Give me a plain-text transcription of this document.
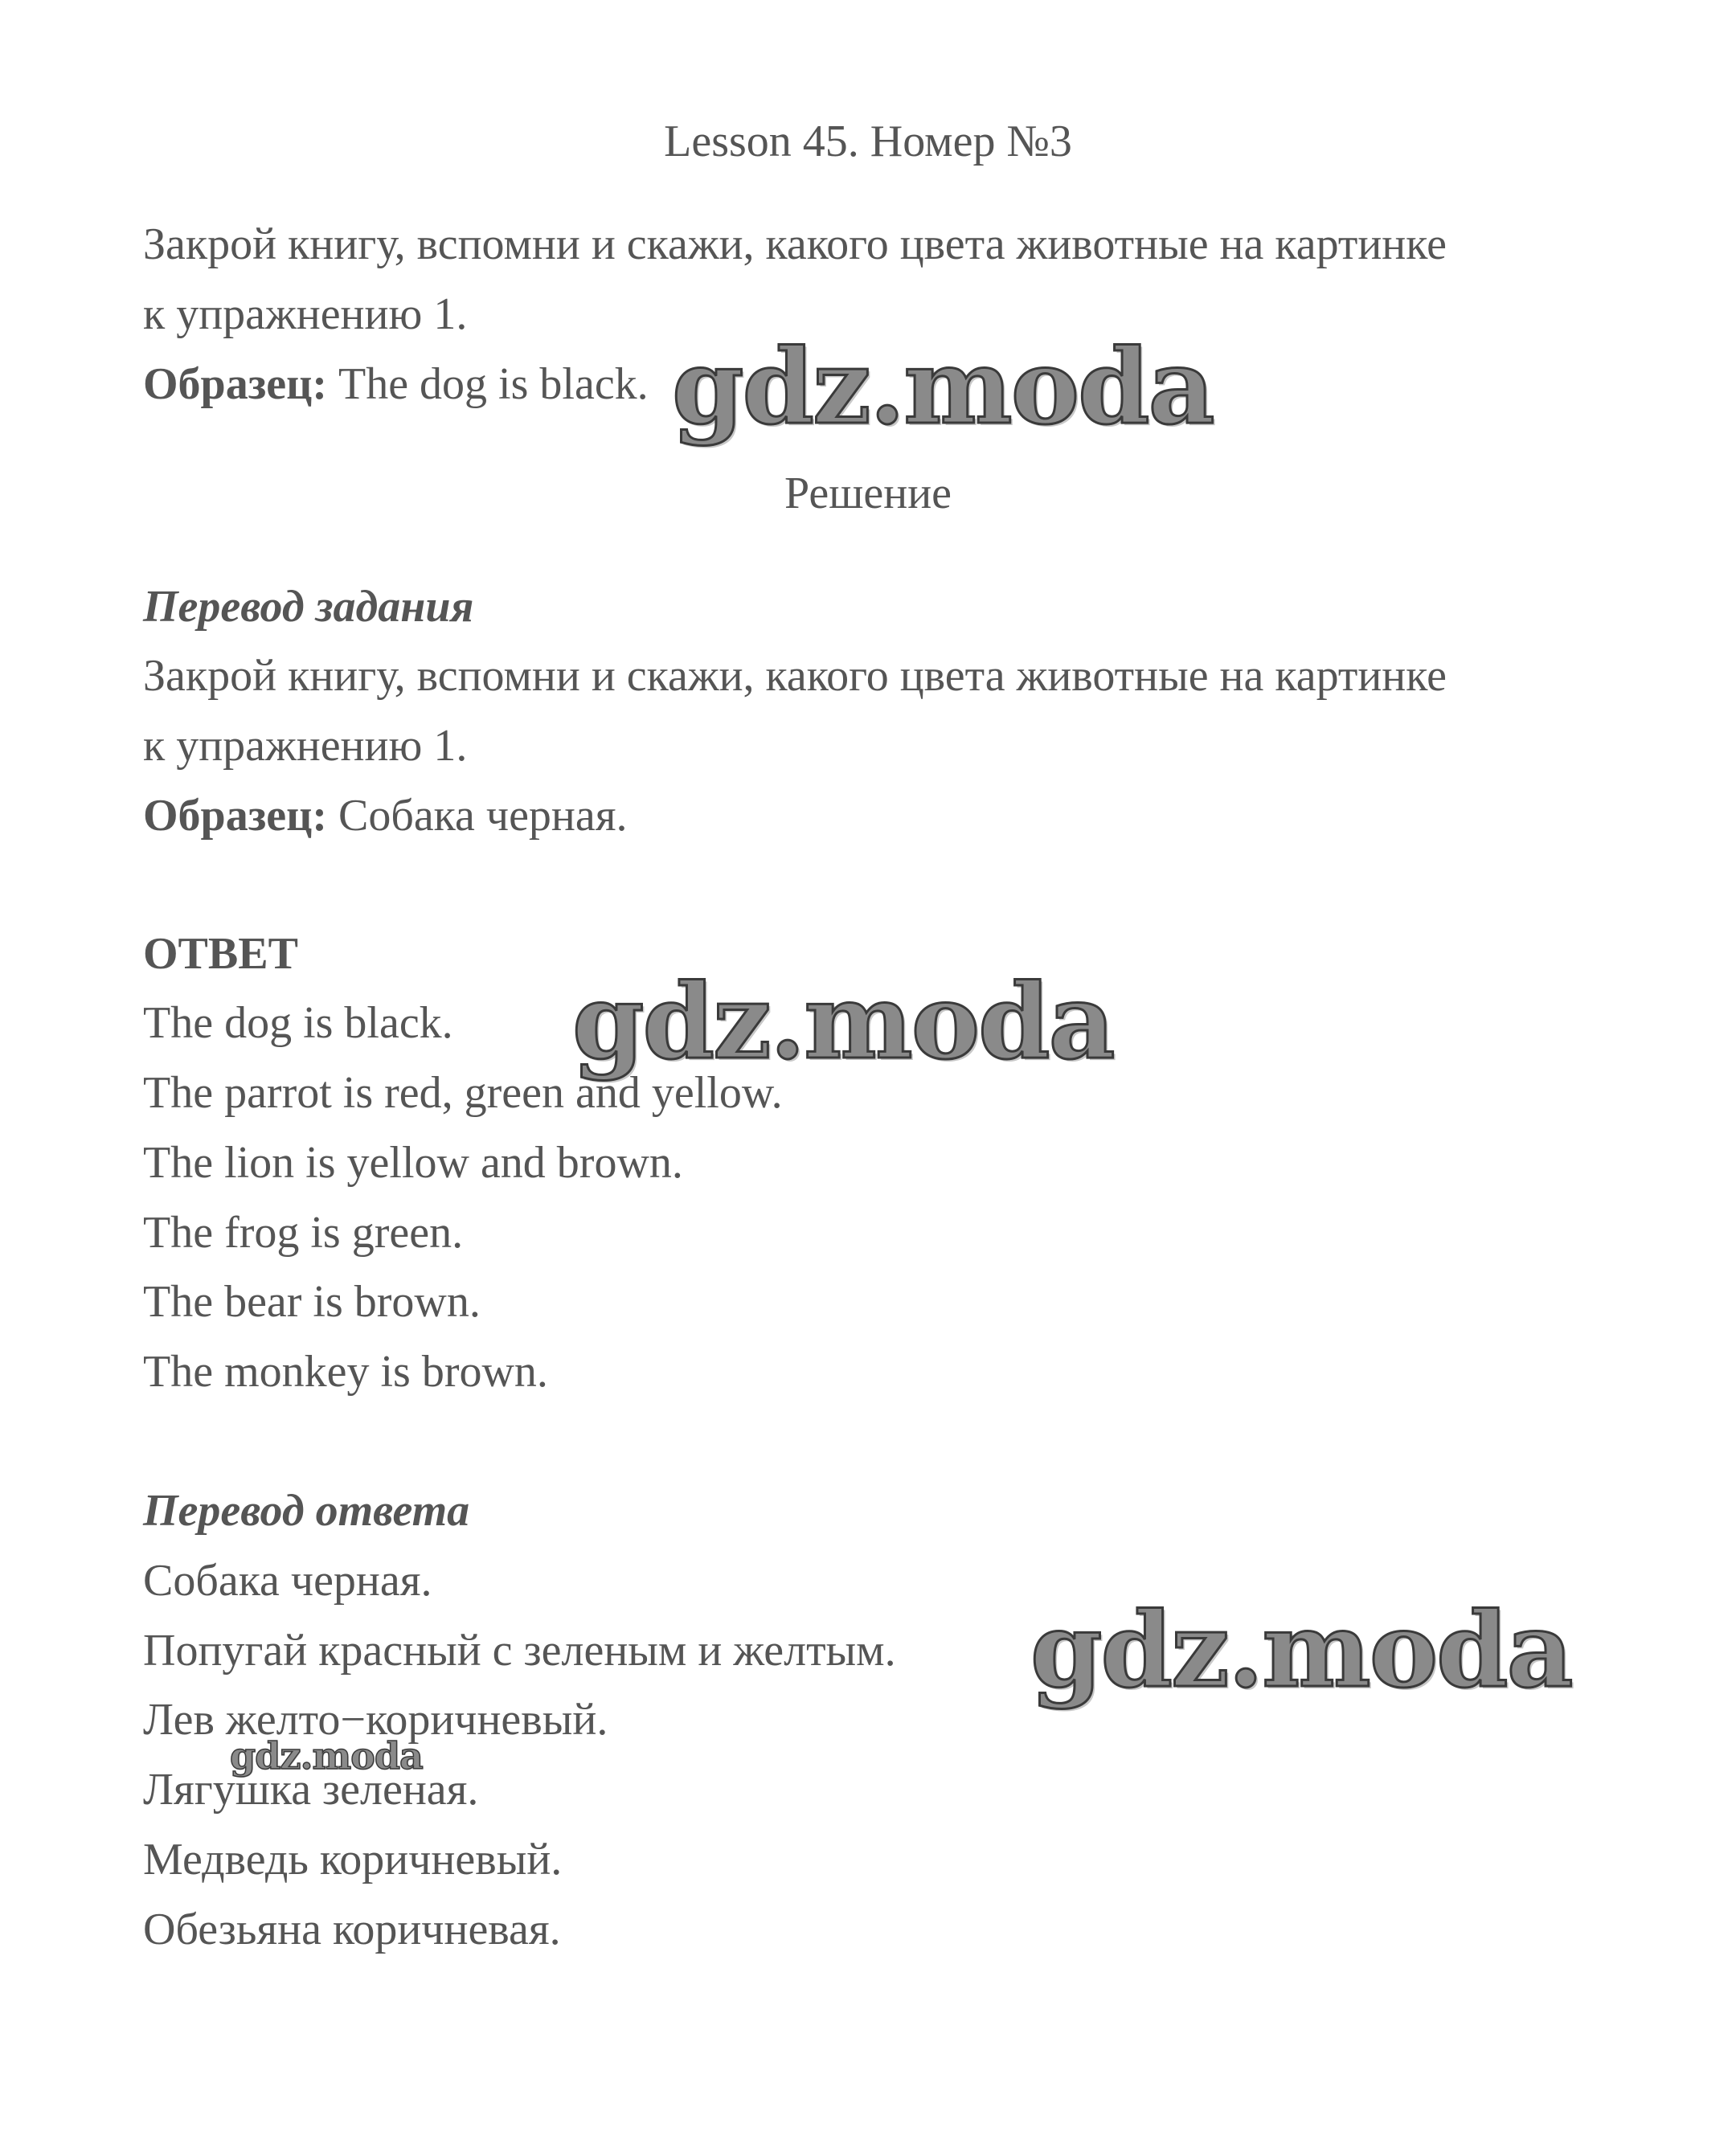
Lesson 45. Номер №3
Закрой книгу, вспомни и скажи, какого цвета животные на картинке
к упражнению 1.
Образец: The dog is black.
Решение
Перевод задания
Закрой книгу, вспомни и скажи, какого цвета животные на картинке
к упражнению 1.
Образец: Собака черная.
ОТВЕТ
The dog is black.
The parrot is red, green and yellow.
The lion is yellow and brown.
The frog is green.
The bear is brown.
The monkey is brown.
Перевод ответа
Собака черная.
Попугай красный с зеленым и желтым.
Лев желто−коричневый.
Лягушка зеленая.
Медведь коричневый.
Обезьяна коричневая.
gdz.moda
gdz.moda
gdz.moda
gdz.moda
